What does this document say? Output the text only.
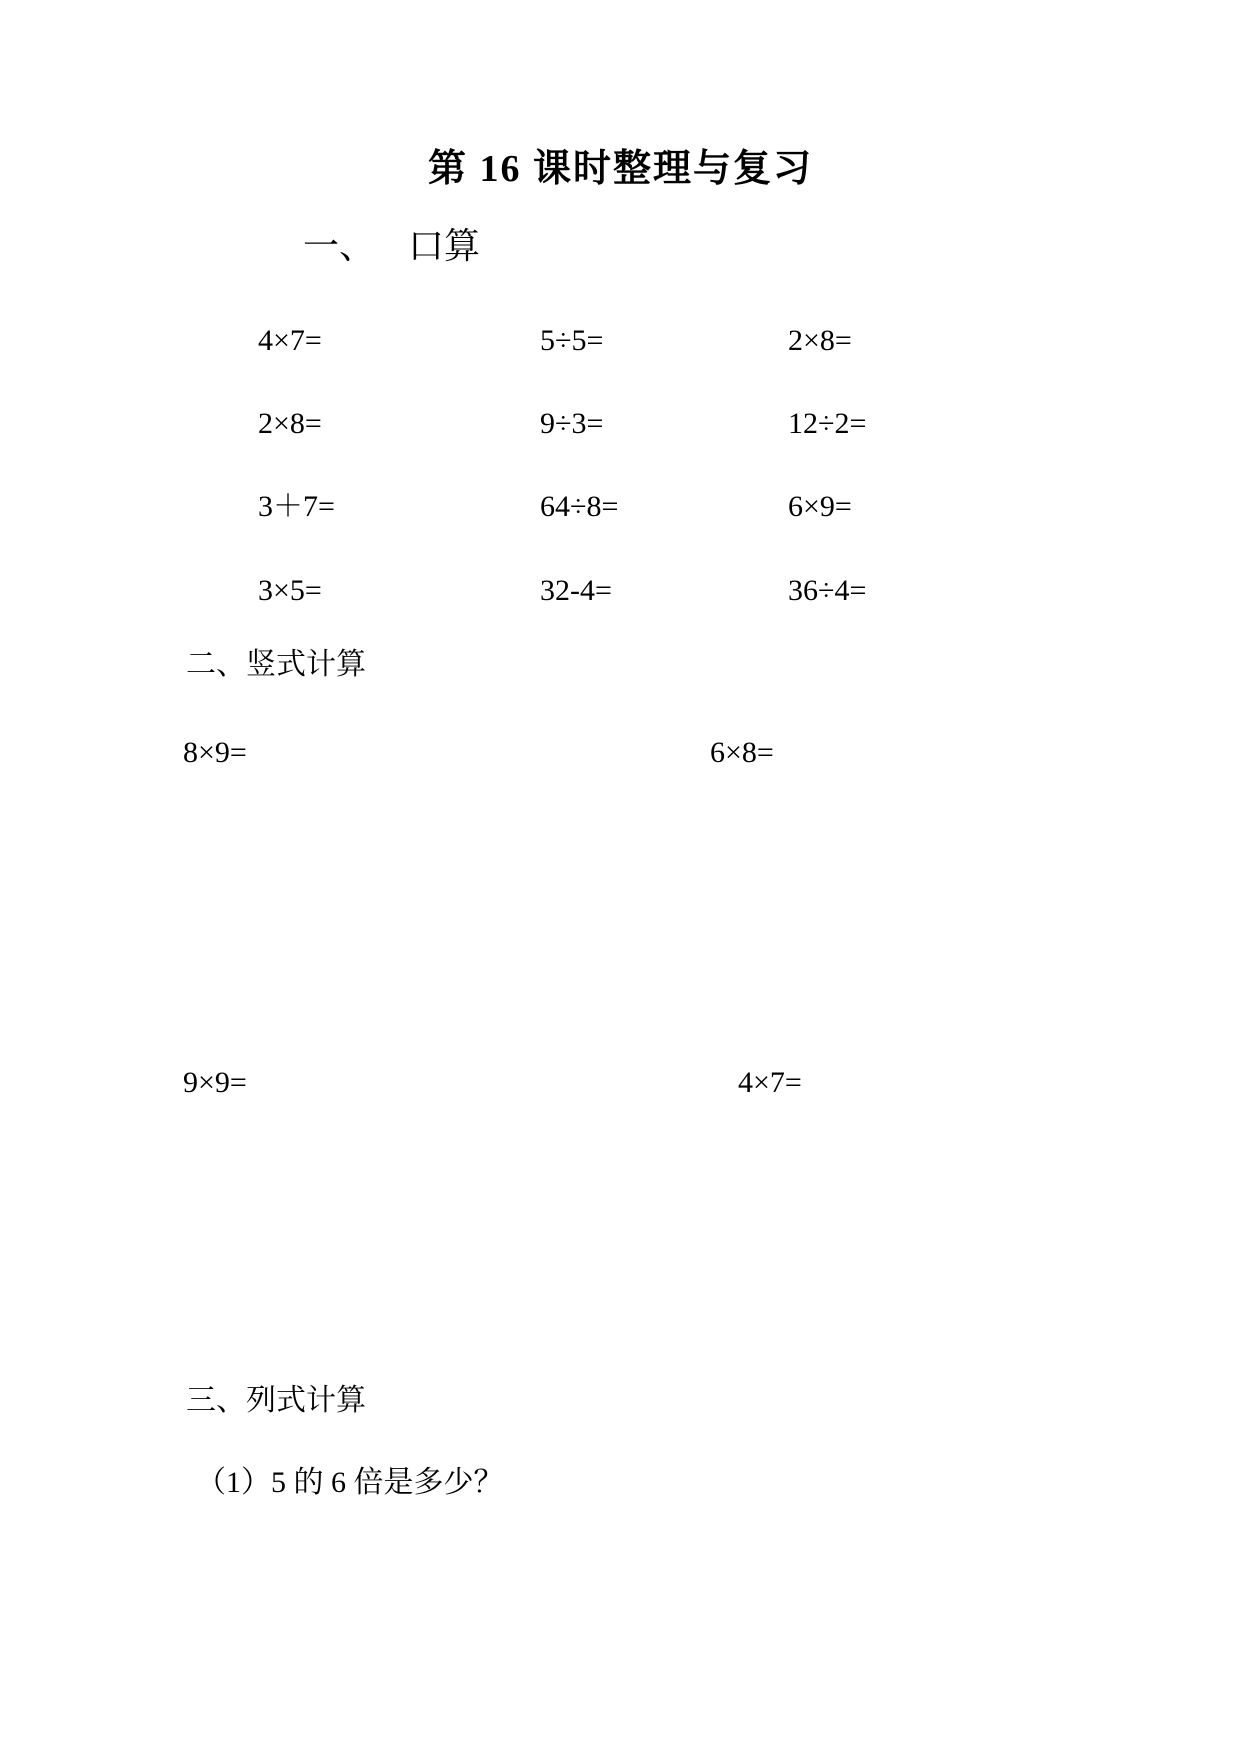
第 16 课时整理与复习
一、 口算
4×7=	5÷5=	2×8=
2×8=	9÷3=	12÷2=
3＋7=	64÷8=	6×9=
3×5=	32-4=	36÷4=
二、竖式计算
8×9=	6×8=
9×9=	4×7=
三、列式计算
（1）5 的 6 倍是多少？
